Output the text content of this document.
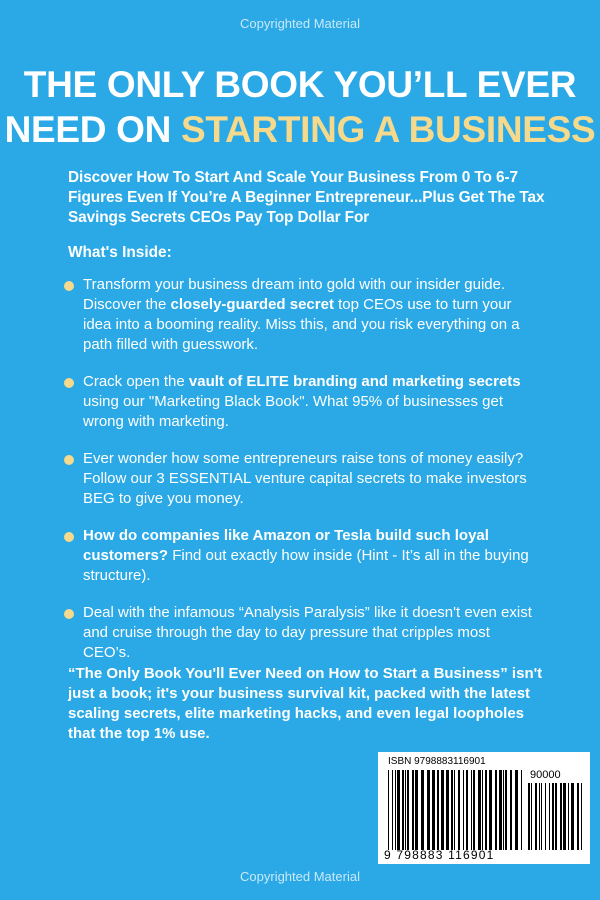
Copyrighted Material
THE ONLY BOOK YOU’LL EVER
NEED ON STARTING A BUSINESS
Discover How To Start And Scale Your Business From 0 To 6-7 Figures Even If You’re A Beginner Entrepreneur...Plus Get The Tax Savings Secrets CEOs Pay Top Dollar For
What's Inside:
Transform your business dream into gold with our insider guide. Discover the closely-guarded secret top CEOs use to turn your idea into a booming reality. Miss this, and you risk everything on a path filled with guesswork.
Crack open the vault of ELITE branding and marketing secrets using our "Marketing Black Book". What 95% of businesses get wrong with marketing.
Ever wonder how some entrepreneurs raise tons of money easily? Follow our 3 ESSENTIAL venture capital secrets to make investors BEG to give you money.
How do companies like Amazon or Tesla build such loyal customers? Find out exactly how inside (Hint - It’s all in the buying structure).
Deal with the infamous “Analysis Paralysis” like it doesn't even exist and cruise through the day to day pressure that cripples most CEO’s.
“The Only Book You'll Ever Need on How to Start a Business” isn't just a book; it's your business survival kit, packed with the latest scaling secrets, elite marketing hacks, and even legal loopholes that the top 1% use.
ISBN 9798883116901
90000
9 798883 116901
Copyrighted Material
